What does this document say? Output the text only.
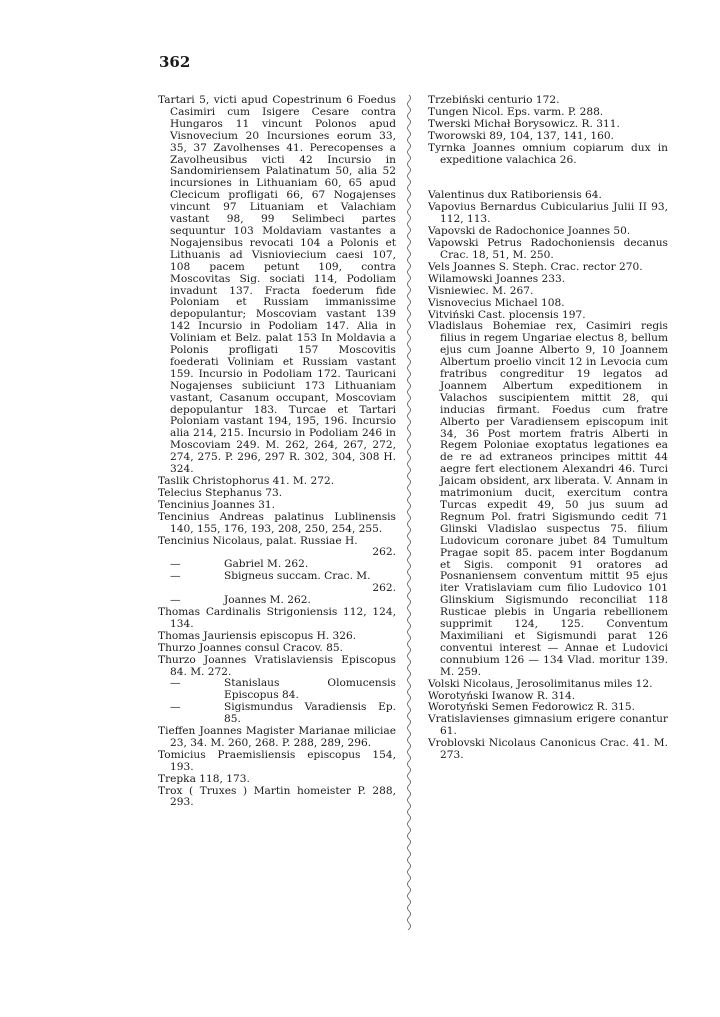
362

Tartari 5, victi apud Copestrinum 6 Foedus Casimiri cum Isigere Cesare contra Hungaros 11 vincunt Polonos apud Visnovecium 20 Incursiones eorum 33, 35, 37 Zavolhenses 41. Perecopenses a Zavolheusibus victi 42 Incursio in Sandomiriensem Palatinatum 50, alia 52 incursiones in Lithuaniam 60, 65 apud Clecicum profligati 66, 67 Nogajenses vincunt 97 Lituaniam et Valachiam vastant 98, 99 Selimbeci partes sequuntur 103 Moldaviam vastantes a Nogajensibus revocati 104 a Polonis et Lithuanis ad Visnioviecium caesi 107, 108 pacem petunt 109, contra Moscovitas Sig. sociati 114, Podoliam invadunt 137. Fracta foederum fide Poloniam et Russiam immanissime depopulantur; Moscoviam vastant 139 142 Incursio in Podoliam 147. Alia in Voliniam et Belz. palat 153 In Moldavia a Polonis profligati 157 Moscovitis foederati Voliniam et Russiam vastant 159. Incursio in Podoliam 172. Tauricani Nogajenses subiiciunt 173 Lithuaniam vastant, Casanum occupant, Moscoviam depopulantur 183. Turcae et Tartari Poloniam vastant 194, 195, 196. Incursio alia 214, 215. Incursio in Podoliam 246 in Moscoviam 249. M. 262, 264, 267, 272, 274, 275. P. 296, 297 R. 302, 304, 308 H. 324.

Taslik Christophorus 41. M. 272.

Telecius Stephanus 73.

Tencinius Joannes 31.

Tencinius Andreas palatinus Lublinensis 140, 155, 176, 193, 208, 250, 254, 255.

Tencinius Nicolaus, palat. Russiae H.
262.

—	Gabriel M. 262.

—	Sbigneus succam. Crac. M.
262.

—	Joannes M. 262.

Thomas Cardinalis Strigoniensis 112, 124, 134.

Thomas Jauriensis episcopus H. 326.

Thurzo Joannes consul Cracov. 85.

Thurzo Joannes Vratislaviensis Episcopus 84. M. 272.

—	Stanislaus Olomucensis Episcopus 84.

—	Sigismundus Varadiensis Ep. 85.

Tieffen Joannes Magister Marianae miliciae 23, 34. M. 260, 268. P. 288, 289, 296.

Tomicius Praemisliensis episcopus 154, 193.

Trepka 118, 173.

Trox ( Truxes ) Martin homeister P. 288, 293.

Trzebiński centurio 172.

Tungen Nicol. Eps. varm. P. 288.

Twerski Michał Borysowicz. R. 311.

Tworowski 89, 104, 137, 141, 160.

Tyrnka Joannes omnium copiarum dux in expeditione valachica 26.

Valentinus dux Ratiboriensis 64.

Vapovius Bernardus Cubicularius Julii II 93, 112, 113.

Vapovski de Radochonice Joannes 50.

Vapowski Petrus Radochoniensis decanus Crac. 18, 51, M. 250.

Vels Joannes S. Steph. Crac. rector 270.

Wilamowski Joannes 233.

Visniewiec. M. 267.

Visnovecius Michael 108.

Vitviński Cast. plocensis 197.

Vladislaus Bohemiae rex, Casimiri regis filius in regem Ungariae electus 8, bellum ejus cum Joanne Alberto 9, 10 Joannem Albertum proelio vincit 12 in Levocia cum fratribus congreditur 19 legatos ad Joannem Albertum expeditionem in Valachos suscipientem mittit 28, qui inducias firmant. Foedus cum fratre Alberto per Varadiensem episcopum init 34, 36 Post mortem fratris Alberti in Regem Poloniae exoptatus legationes ea de re ad extraneos principes mittit 44 aegre fert electionem Alexandri 46. Turci Jaicam obsident, arx liberata. V. Annam in matrimonium ducit, exercitum contra Turcas expedit 49, 50 jus suum ad Regnum Pol. fratri Sigismundo cedit 71 Glinski Vladislao suspectus 75. filium Ludovicum coronare jubet 84 Tumultum Pragae sopit 85. pacem inter Bogdanum et Sigis. componit 91 oratores ad Posnaniensem conventum mittit 95 ejus iter Vratislaviam cum filio Ludovico 101 Glinskium Sigismundo reconciliat 118 Rusticae plebis in Ungaria rebellionem supprimit 124, 125. Conventum Maximiliani et Sigismundi parat 126 conventui interest — Annae et Ludovici connubium 126 — 134 Vlad. moritur 139. M. 259.

Volski Nicolaus, Jerosolimitanus miles 12.

Worotyński Iwanow R. 314.

Worotyński Semen Fedorowicz R. 315.

Vratislavienses gimnasium erigere conantur 61.

Vroblovski Nicolaus Canonicus Crac. 41. M. 273.
